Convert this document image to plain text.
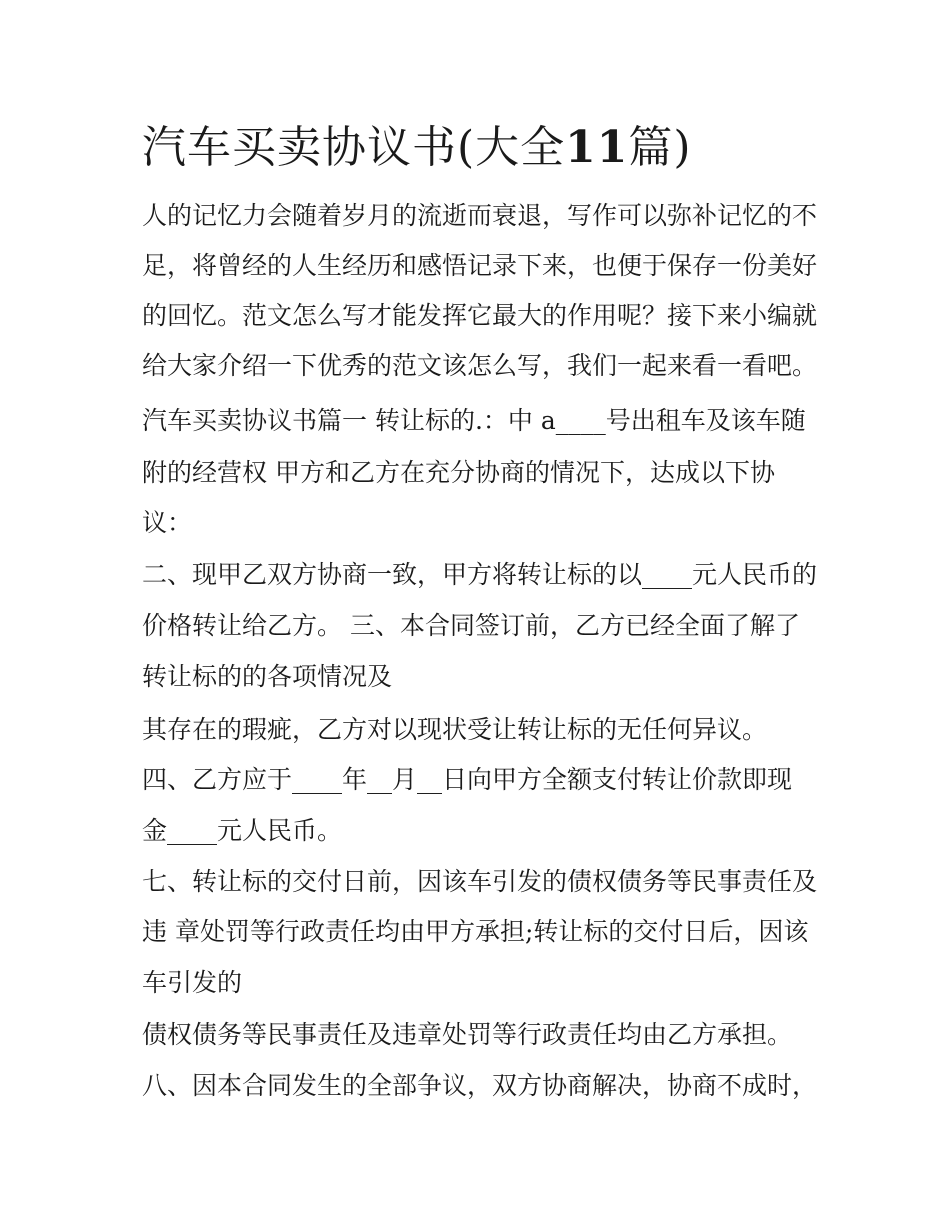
汽车买卖协议书(大全11篇)

人的记忆力会随着岁月的流逝而衰退，写作可以弥补记忆的不

足，将曾经的人生经历和感悟记录下来，也便于保存一份美好

的回忆。范文怎么写才能发挥它最大的作用呢？接下来小编就

给大家介绍一下优秀的范文该怎么写，我们一起来看一看吧。

汽车买卖协议书篇一 转让标的.：中 a____号出租车及该车随

附的经营权 甲方和乙方在充分协商的情况下，达成以下协

议：

二、现甲乙双方协商一致，甲方将转让标的以____元人民币的

价格转让给乙方。 三、本合同签订前，乙方已经全面了解了

转让标的的各项情况及

其存在的瑕疵，乙方对以现状受让转让标的无任何异议。

四、乙方应于____年__月__日向甲方全额支付转让价款即现

金____元人民币。

七、转让标的交付日前，因该车引发的债权债务等民事责任及

违 章处罚等行政责任均由甲方承担;转让标的交付日后，因该

车引发的

债权债务等民事责任及违章处罚等行政责任均由乙方承担。

八、因本合同发生的全部争议，双方协商解决，协商不成时，
